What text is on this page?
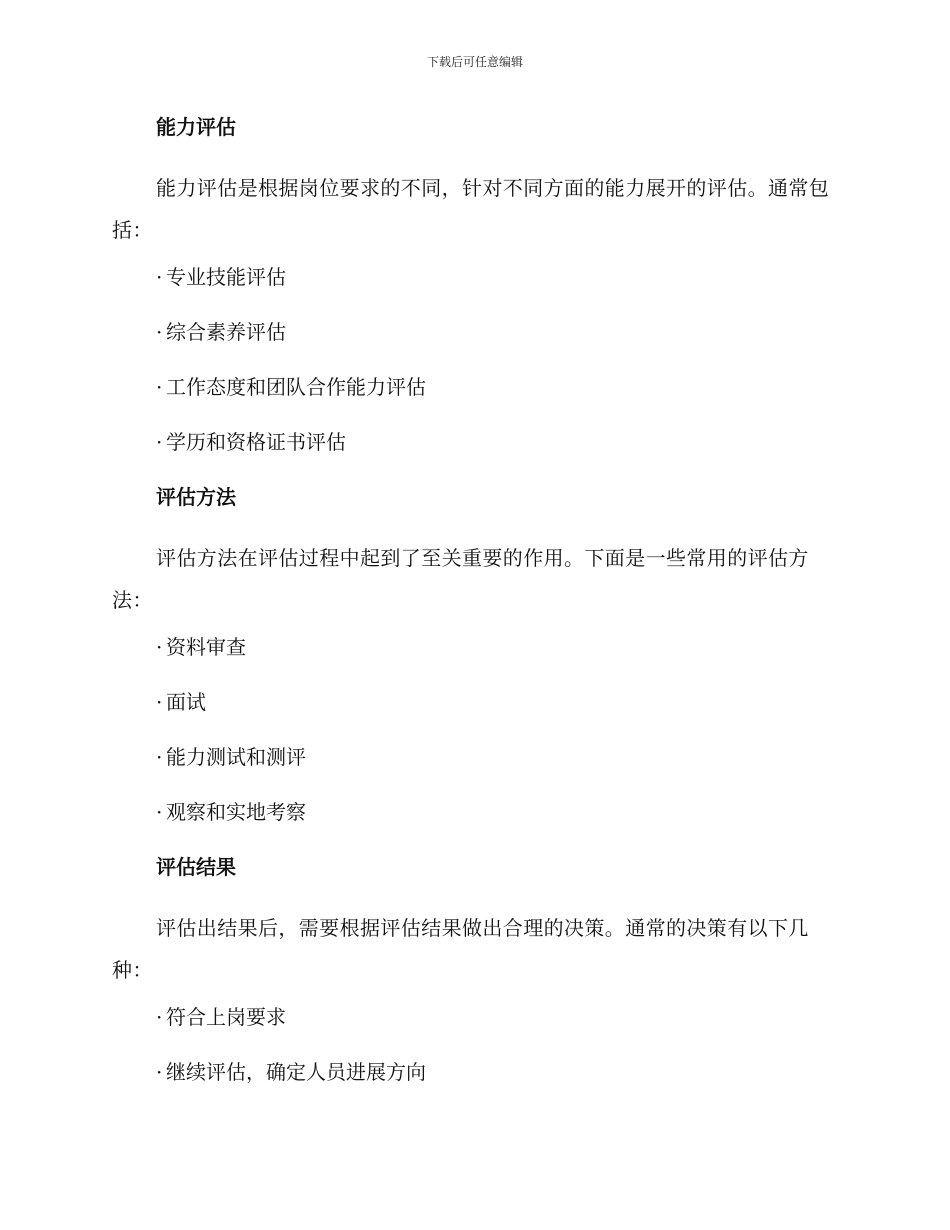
下载后可任意编辑
能力评估
能力评估是根据岗位要求的不同，针对不同方面的能力展开的评估。通常包括：
· 专业技能评估
· 综合素养评估
· 工作态度和团队合作能力评估
· 学历和资格证书评估
评估方法
评估方法在评估过程中起到了至关重要的作用。下面是一些常用的评估方法：
· 资料审查
· 面试
· 能力测试和测评
· 观察和实地考察
评估结果
评估出结果后，需要根据评估结果做出合理的决策。通常的决策有以下几种：
· 符合上岗要求
· 继续评估，确定人员进展方向
